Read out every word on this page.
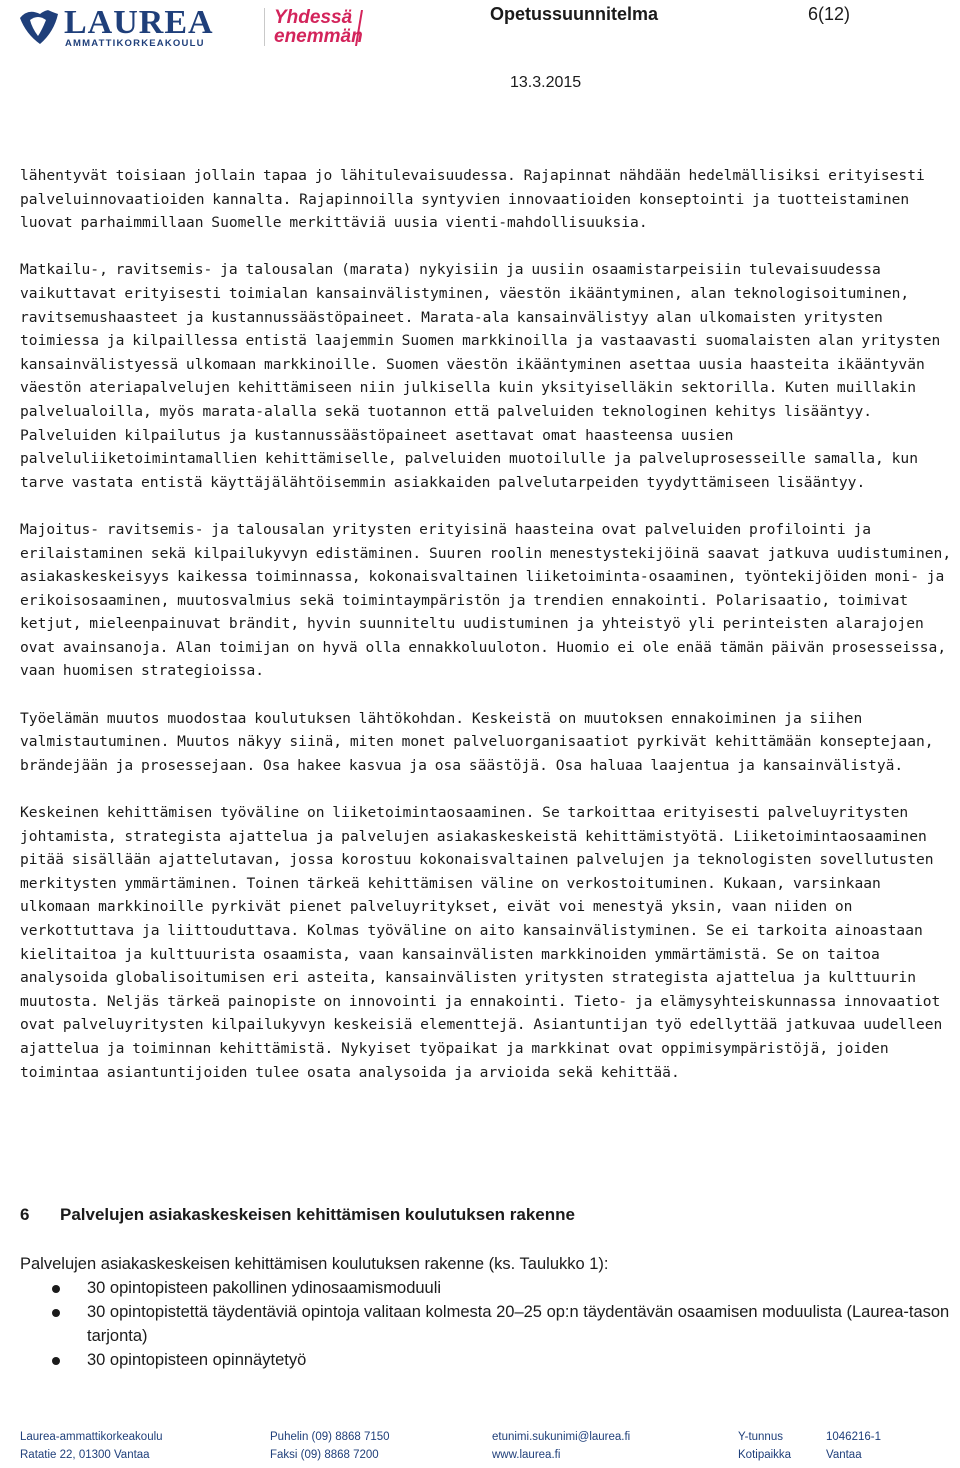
LAUREA
AMMATTIKORKEAKOULU
Yhdessä
enemmän
Opetussuunnitelma	6(12)
13.3.2015

lähentyvät toisiaan jollain tapaa jo lähitulevaisuudessa. Rajapinnat nähdään hedelmällisiksi erityisesti palveluinnovaatioiden kannalta. Rajapinnoilla syntyvien innovaatioiden konseptointi ja tuotteistaminen luovat parhaimmillaan Suomelle merkittäviä uusia vienti-mahdollisuuksia.

Matkailu-, ravitsemis- ja talousalan (marata) nykyisiin ja uusiin osaamistarpeisiin tulevaisuudessa vaikuttavat erityisesti toimialan kansainvälistyminen, väestön ikääntyminen, alan teknologisoituminen, ravitsemushaasteet ja kustannussäästöpaineet. Marata-ala kansainvälistyy alan ulkomaisten yritysten toimiessa ja kilpaillessa entistä laajemmin Suomen markkinoilla ja vastaavasti suomalaisten alan yritysten kansainvälistyessä ulkomaan markkinoille. Suomen väestön ikääntyminen asettaa uusia haasteita ikääntyvän väestön ateriapalvelujen kehittämiseen niin julkisella kuin yksityiselläkin sektorilla. Kuten muillakin palvelualoilla, myös marata-alalla sekä tuotannon että palveluiden teknologinen kehitys lisääntyy. Palveluiden kilpailutus ja kustannussäästöpaineet asettavat omat haasteensa uusien palveluliiketoimintamallien kehittämiselle, palveluiden muotoilulle ja palveluprosesseille samalla, kun tarve vastata entistä käyttäjälähtöisemmin asiakkaiden palvelutarpeiden tyydyttämiseen lisääntyy.

Majoitus- ravitsemis- ja talousalan yritysten erityisinä haasteina ovat palveluiden profilointi ja erilaistaminen sekä kilpailukyvyn edistäminen. Suuren roolin menestystekijöinä saavat jatkuva uudistuminen, asiakaskeskeisyys kaikessa toiminnassa, kokonaisvaltainen liiketoiminta-osaaminen, työntekijöiden moni- ja erikoisosaaminen, muutosvalmius sekä toimintaympäristön ja trendien ennakointi. Polarisaatio, toimivat ketjut, mieleenpainuvat brändit, hyvin suunniteltu uudistuminen ja yhteistyö yli perinteisten alarajojen ovat avainsanoja. Alan toimijan on hyvä olla ennakkoluuloton. Huomio ei ole enää tämän päivän prosesseissa, vaan huomisen strategioissa.

Työelämän muutos muodostaa koulutuksen lähtökohdan. Keskeistä on muutoksen ennakoiminen ja siihen valmistautuminen. Muutos näkyy siinä, miten monet palveluorganisaatiot pyrkivät kehittämään konseptejaan, brändejään ja prosessejaan. Osa hakee kasvua ja osa säästöjä. Osa haluaa laajentua ja kansainvälistyä.

Keskeinen kehittämisen työväline on liiketoimintaosaaminen. Se tarkoittaa erityisesti palveluyritysten johtamista, strategista ajattelua ja palvelujen asiakaskeskeistä kehittämistyötä. Liiketoimintaosaaminen pitää sisällään ajattelutavan, jossa korostuu kokonaisvaltainen palvelujen ja teknologisten sovellutusten merkitysten ymmärtäminen. Toinen tärkeä kehittämisen väline on verkostoituminen. Kukaan, varsinkaan ulkomaan markkinoille pyrkivät pienet palveluyritykset, eivät voi menestyä yksin, vaan niiden on verkottuttava ja liittouduttava. Kolmas työväline on aito kansainvälistyminen. Se ei tarkoita ainoastaan kielitaitoa ja kulttuurista osaamista, vaan kansainvälisten markkinoiden ymmärtämistä. Se on taitoa analysoida globalisoitumisen eri asteita, kansainvälisten yritysten strategista ajattelua ja kulttuurin muutosta. Neljäs tärkeä painopiste on innovointi ja ennakointi. Tieto- ja elämysyhteiskunnassa innovaatiot ovat palveluyritysten kilpailukyvyn keskeisiä elementtejä. Asiantuntijan työ edellyttää jatkuvaa uudelleen ajattelua ja toiminnan kehittämistä. Nykyiset työpaikat ja markkinat ovat oppimisympäristöjä, joiden toimintaa asiantuntijoiden tulee osata analysoida ja arvioida sekä kehittää.

6 Palvelujen asiakaskeskeisen kehittämisen koulutuksen rakenne
Palvelujen asiakaskeskeisen kehittämisen koulutuksen rakenne (ks. Taulukko 1):
30 opintopisteen pakollinen ydinosaamismoduuli
30 opintopistettä täydentäviä opintoja valitaan kolmesta 20–25 op:n täydentävän osaamisen moduulista (Laurea-tason tarjonta)
30 opintopisteen opinnäytetyö
Laurea-ammattikorkeakoulu
Ratatie 22, 01300 Vantaa
Puhelin (09) 8868 7150
Faksi (09) 8868 7200
etunimi.sukunimi@laurea.fi
www.laurea.fi
Y-tunnus
Kotipaikka
1046216-1
Vantaa
